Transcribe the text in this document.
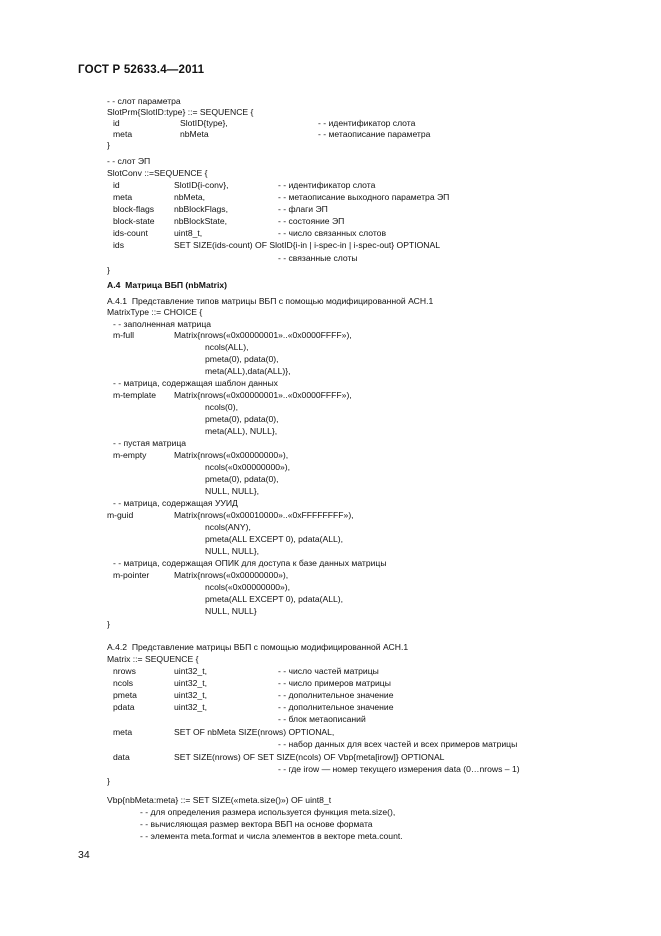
ГОСТ Р 52633.4—2011
- - слот параметра
SlotPrm{SlotID:type} ::= SEQUENCE {
id	SlotID{type},	- - идентификатор слота
meta	nbMeta	- - метаописание параметра
}
- - слот ЭП
SlotConv ::=SEQUENCE {
id	SlotID{i-conv},	- - идентификатор слота
meta	nbMeta,	- - метаописание выходного параметра ЭП
block-flags nbBlockFlags,	- - флаги ЭП
block-state nbBlockState,	- - состояние ЭП
ids-count	uint8_t,	- - число связанных слотов
ids	SET SIZE(ids-count) OF SlotID{i-in | i-spec-in | i-spec-out} OPTIONAL
- - связанные слоты
}
A.4  Матрица ВБП (nbMatrix)
A.4.1  Представление типов матрицы ВБП с помощью модифицированной АСН.1
MatrixType ::= CHOICE {
- - заполненная матрица
m-full	Matrix{nrows(«0x00000001»..«0x0000FFFF»),
ncols(ALL),
pmeta(0), pdata(0),
meta(ALL),data(ALL)},
- - матрица, содержащая шаблон данных
m-template Matrix{nrows(«0x00000001»..«0x0000FFFF»),
ncols(0),
pmeta(0), pdata(0),
meta(ALL), NULL},
- - пустая матрица
m-empty	Matrix{nrows(«0x00000000»),
ncols(«0x00000000»),
pmeta(0), pdata(0),
NULL, NULL},
- - матрица, содержащая УУИД
m-guid	Matrix{nrows(«0x00010000»..«0xFFFFFFFF»),
ncols(ANY),
pmeta(ALL EXCEPT 0), pdata(ALL),
NULL, NULL},
- - матрица, содержащая ОПИК для доступа к базе данных матрицы
m-pointer	Matrix{nrows(«0x00000000»),
ncols(«0x00000000»),
pmeta(ALL EXCEPT 0), pdata(ALL),
NULL, NULL}
}
A.4.2  Представление матрицы ВБП с помощью модифицированной АСН.1
Matrix ::= SEQUENCE {
nrows	uint32_t,	- - число частей матрицы
ncols	uint32_t,	- - число примеров матрицы
pmeta	uint32_t,	- - дополнительное значение
pdata	uint32_t,	- - дополнительное значение
- - блок метаописаний
meta	SET OF nbMeta SIZE(nrows) OPTIONAL,
- - набор данных для всех частей и всех примеров матрицы
data	SET SIZE(nrows) OF SET SIZE(ncols) OF Vbp{meta[irow]} OPTIONAL
- - где irow — номер текущего измерения data (0…nrows – 1)
}
Vbp{nbMeta:meta} ::= SET SIZE(«meta.size()») OF uint8_t
- - для определения размера используется функция meta.size(),
- - вычисляющая размер вектора ВБП на основе формата
- - элемента meta.format и числа элементов в векторе meta.count.
34
